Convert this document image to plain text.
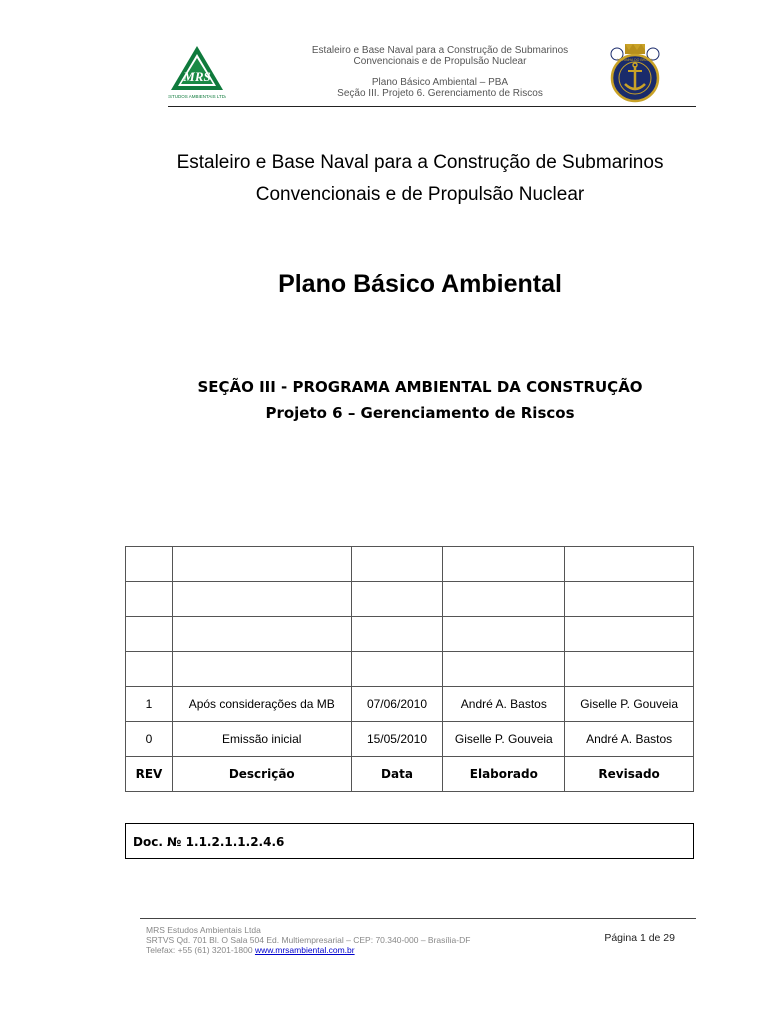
MRS
ESTUDOS AMBIENTAIS LTDA
Estaleiro e Base Naval para a Construção de Submarinos
Convencionais e de Propulsão Nuclear
Plano Básico Ambiental – PBA
Seção III. Projeto 6. Gerenciamento de Riscos
MARINHA DO BRASIL
Estaleiro e Base Naval para a Construção de Submarinos
Convencionais e de Propulsão Nuclear
Plano Básico Ambiental
SEÇÃO III - PROGRAMA AMBIENTAL DA CONSTRUÇÃO
Projeto 6 – Gerenciamento de Riscos

1	Após considerações da MB	07/06/2010	André A. Bastos	Giselle P. Gouveia
0	Emissão inicial	15/05/2010	Giselle P. Gouveia	André A. Bastos
REV	Descrição	Data	Elaborado	Revisado
Doc. № 1.1.2.1.1.2.4.6
MRS Estudos Ambientais Ltda
SRTVS Qd. 701 Bl. O Sala 504 Ed. Multiempresarial – CEP: 70.340-000 – Brasília-DF
Telefax: +55 (61) 3201-1800 www.mrsambiental.com.br
Página 1 de 29
